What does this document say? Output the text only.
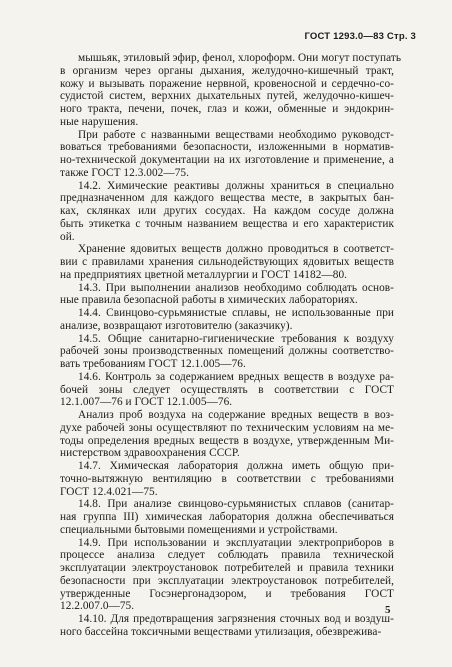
ГОСТ 1293.0—83 Стр. 3
мышьяк, этиловый эфир, фенол, хлороформ. Они могут поступать
в организм через органы дыхания, желудочно-кишечный тракт,
кожу и вызывать поражение нервной, кровеносной и сердечно-со-
судистой систем, верхних дыхательных путей, желудочно-кишеч-
ного тракта, печени, почек, глаз и кожи, обменные и эндокрин-
ные нарушения.
При работе с названными веществами необходимо руководст-
воваться требованиями безопасности, изложенными в норматив-
но-технической документации на их изготовление и применение, а
также ГОСТ 12.3.002—75.
14.2. Химические реактивы должны храниться в специально
предназначенном для каждого вещества месте, в закрытых бан-
ках, склянках или других сосудах. На каждом сосуде должна
быть этикетка с точным названием вещества и его характеристик
ой.
Хранение ядовитых веществ должно проводиться в соответст-
вии с правилами хранения сильнодействующих ядовитых веществ
на предприятиях цветной металлургии и ГОСТ 14182—80.
14.3. При выполнении анализов необходимо соблюдать основ-
ные правила безопасной работы в химических лабораториях.
14.4. Свинцово-сурьмянистые сплавы, не использованные при
анализе, возвращают изготовителю (заказчику).
14.5. Общие санитарно-гигиенические требования к воздуху
рабочей зоны производственных помещений должны соответство-
вать требованиям ГОСТ 12.1.005—76.
14.6. Контроль за содержанием вредных веществ в воздухе ра-
бочей зоны следует осуществлять в соответствии с ГОСТ
12.1.007—76 и ГОСТ 12.1.005—76.
Анализ проб воздуха на содержание вредных веществ в воз-
духе рабочей зоны осуществляют по техническим условиям на ме-
тоды определения вредных веществ в воздухе, утвержденным Ми-
нистерством здравоохранения СССР.
14.7. Химическая лаборатория должна иметь общую при-
точно-вытяжную вентиляцию в соответствии с требованиями
ГОСТ 12.4.021—75.
14.8. При анализе свинцово-сурьмянистых сплавов (санитар-
ная группа III) химическая лаборатория должна обеспечиваться
специальными бытовыми помещениями и устройствами.
14.9. При использовании и эксплуатации электроприборов в
процессе анализа следует соблюдать правила технической
эксплуатации электроустановок потребителей и правила техники
безопасности при эксплуатации электроустановок потребителей,
утвержденные Госэнергонадзором, и требования ГОСТ
12.2.007.0—75.
14.10. Для предотвращения загрязнения сточных вод и воздуш-
ного бассейна токсичными веществами утилизация, обезврежива-
5
